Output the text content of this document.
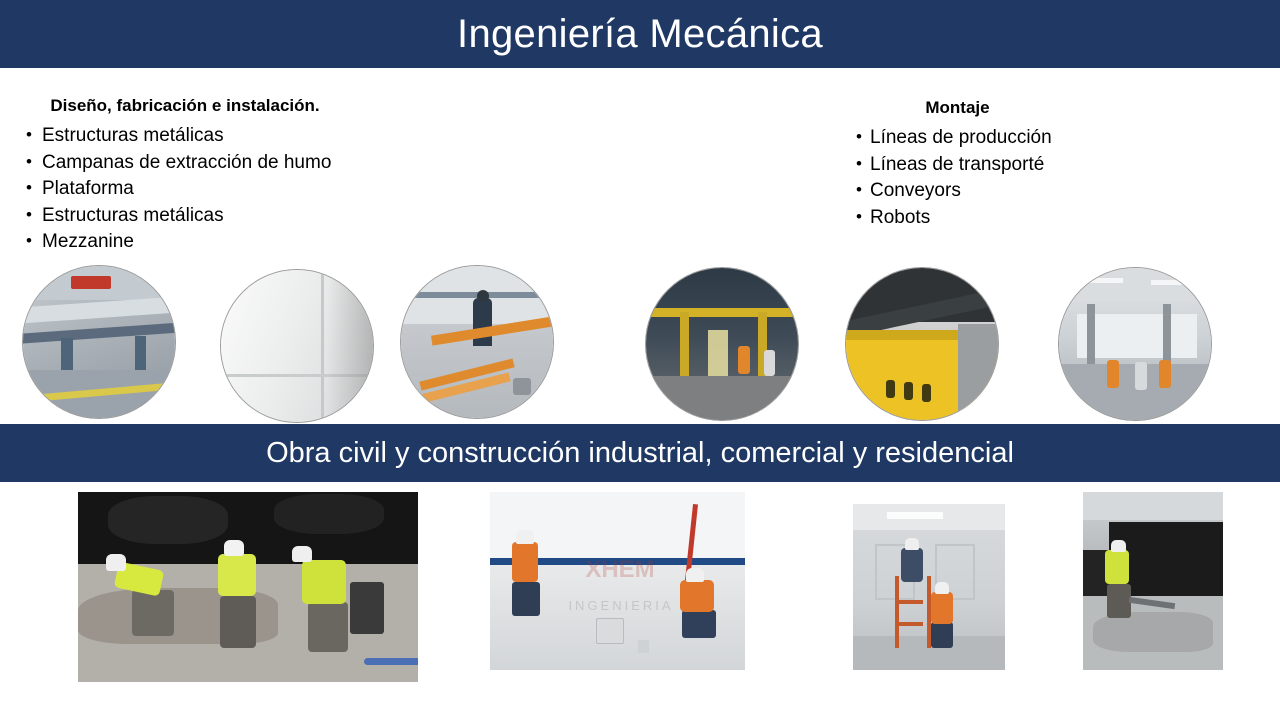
Ingeniería Mecánica
Diseño, fabricación e instalación.
• Estructuras metálicas
• Campanas de extracción de humo
• Plataforma
• Estructuras metálicas
• Mezzanine
Montaje
• Líneas de producción
• Líneas de transporté
• Conveyors
• Robots
Obra civil y construcción industrial, comercial y residencial
XHEM
INGENIERIA
